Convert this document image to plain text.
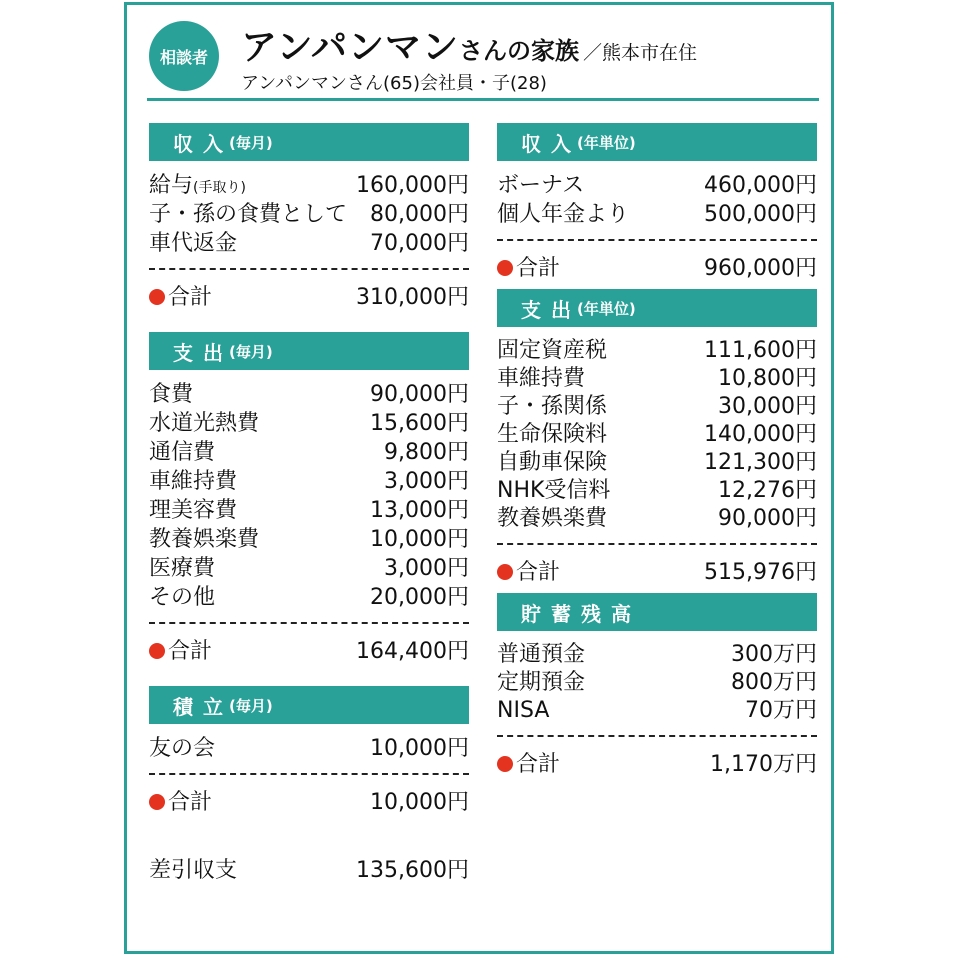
相談者 アンパンマンさんの家族 ／熊本市在住
アンパンマンさん(65)会社員・子(28)
収入
(毎月)
給与(手取り)	160,000円
子・孫の食費として 80,000円
車代返金	70,000円
合計	310,000円
支出
(毎月)
食費	90,000円
水道光熱費	15,600円
通信費	9,800円
車維持費	3,000円
理美容費	13,000円
教養娯楽費	10,000円
医療費	3,000円
その他	20,000円
合計	164,400円
積立
(毎月)
友の会	10,000円
合計	10,000円
差引収支	135,600円
収入
(年単位)
ボーナス	460,000円
個人年金より	500,000円
合計	960,000円
支出
(年単位)
固定資産税	111,600円
車維持費	10,800円
子・孫関係	30,000円
生命保険料	140,000円
自動車保険	121,300円
NHK受信料	12,276円
教養娯楽費	90,000円
合計	515,976円
貯蓄残高
普通預金	300万円
定期預金	800万円
NISA	70万円
合計	1,170万円
